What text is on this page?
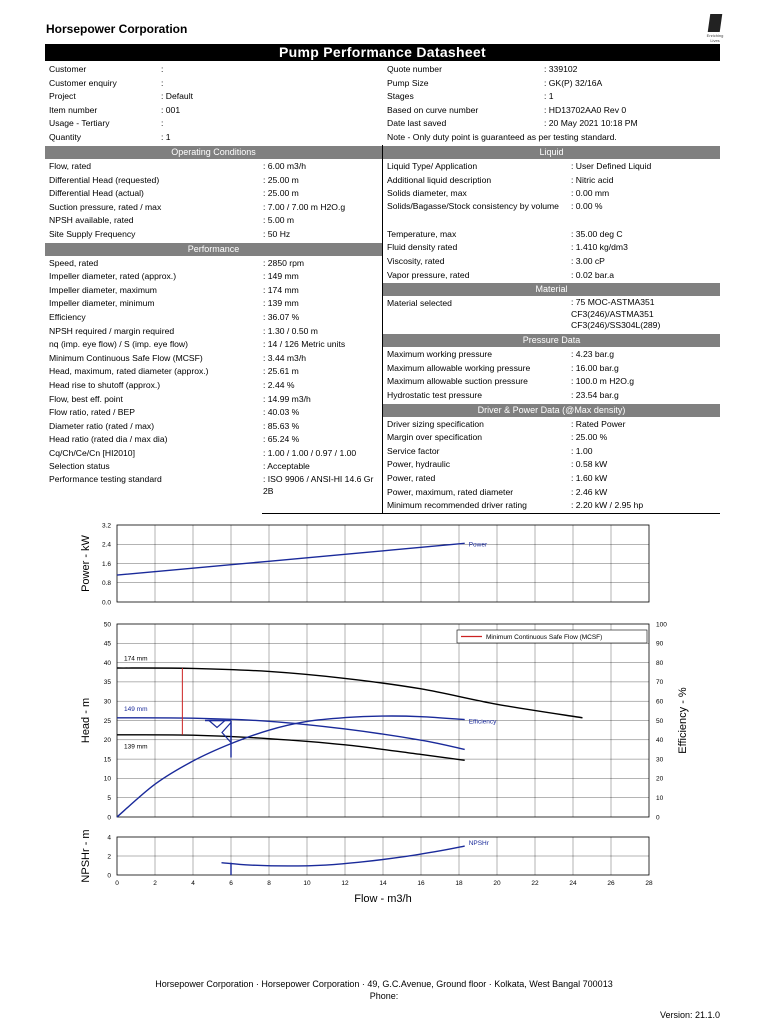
Horsepower Corporation	Enriching Lives
Pump Performance Datasheet
Customer	:
Customer enquiry	:
Project	: Default
Item number	: 001
Usage - Tertiary	:
Quantity	: 1
Quote number	: 339102
Pump Size	: GK(P) 32/16A
Stages	: 1
Based on curve number	: HD13702AA0 Rev 0
Date last saved	: 20 May 2021 10:18 PM
Note - Only duty point is guaranteed as per testing standard.
Operating Conditions
Flow, rated	: 6.00 m3/h
Differential Head (requested)	: 25.00 m
Differential Head (actual)	: 25.00 m
Suction pressure, rated / max	: 7.00 / 7.00 m H2O.g
NPSH available, rated	: 5.00 m
Site Supply Frequency	: 50 Hz
Performance
Speed, rated	: 2850 rpm
Impeller diameter, rated (approx.)	: 149 mm
Impeller diameter, maximum	: 174 mm
Impeller diameter, minimum	: 139 mm
Efficiency	: 36.07 %
NPSH required / margin required	: 1.30 / 0.50 m
nq (imp. eye flow) / S (imp. eye flow)	: 14 / 126 Metric units
Minimum Continuous Safe Flow (MCSF)	: 3.44 m3/h
Head, maximum, rated diameter (approx.)	: 25.61 m
Head rise to shutoff (approx.)	: 2.44 %
Flow, best eff. point	: 14.99 m3/h
Flow ratio, rated / BEP	: 40.03 %
Diameter ratio (rated / max)	: 85.63 %
Head ratio (rated dia / max dia)	: 65.24 %
Cq/Ch/Ce/Cn [HI2010]	: 1.00 / 1.00 / 0.97 / 1.00
Selection status	: Acceptable
Performance testing standard	: ISO 9906 / ANSI-HI 14.6 Gr 2B
Liquid
Liquid Type/ Application	: User Defined Liquid
Additional liquid description	: Nitric acid
Solids diameter, max	: 0.00 mm
Solids/Bagasse/Stock consistency by volume	: 0.00 %
Temperature, max	: 35.00 deg C
Fluid density rated	: 1.410 kg/dm3
Viscosity, rated	: 3.00 cP
Vapor pressure, rated	: 0.02 bar.a
Material
Material selected	: 75 MOC-ASTMA351 CF3(246)/ASTMA351 CF3(246)/SS304L(289)
Pressure Data
Maximum working pressure	: 4.23 bar.g
Maximum allowable working pressure	: 16.00 bar.g
Maximum allowable suction pressure	: 100.0 m H2O.g
Hydrostatic test pressure	: 23.54 bar.g
Driver & Power Data (@Max density)
Driver sizing specification	: Rated Power
Margin over specification	: 25.00 %
Service factor	: 1.00
Power, hydraulic	: 0.58 kW
Power, rated	: 1.60 kW
Power, maximum, rated diameter	: 2.46 kW
Minimum recommended driver rating	: 2.20 kW / 2.95 hp
0.0
0.8
1.6
2.4
3.2
Power - kW
0
5
10
15
20
25
30
35
40
45
50
0
10
20
30
40
50
60
70
80
90
100
Head - m	Efficiency - %
0
2
4
NPSHr - m
Power
Minimum Continuous Safe Flow (MCSF)
174 mm
149 mm
139 mm
Efficiency
NPSHr
0	2	4	6	8	10	12	14	16	18	20	22	24	26	28
Flow - m3/h
Horsepower Corporation · Horsepower Corporation · 49, G.C.Avenue, Ground floor · Kolkata, West Bangal 700013
Phone:
Version: 21.1.0
